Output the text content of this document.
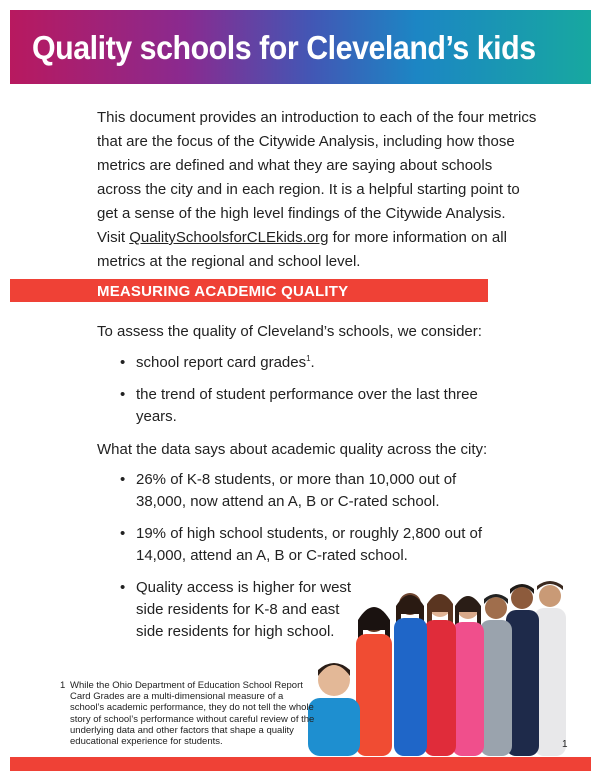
Quality schools for Cleveland’s kids
This document provides an introduction to each of the four metrics that are the focus of the Citywide Analysis, including how those metrics are defined and what they are saying about schools across the city and in each region. It is a helpful starting point to get a sense of the high level findings of the Citywide Analysis. Visit QualitySchoolsforCLEkids.org for more information on all metrics at the regional and school level.
MEASURING ACADEMIC QUALITY
To assess the quality of Cleveland’s schools, we consider:
• school report card grades$^1$.
• the trend of student performance over the last three years.
What the data says about academic quality across the city:
• 26% of K-8 students, or more than 10,000 out of 38,000, now attend an A, B or C-rated school.
• 19% of high school students, or roughly 2,800 out of 14,000, attend an A, B or C-rated school.
• Quality access is higher for west side residents for K-8 and east side residents for high school.
1 While the Ohio Department of Education School Report Card Grades are a multi-dimensional measure of a school’s academic performance, they do not tell the whole story of school’s performance without careful review of the underlying data and other factors that shape a quality educational experience for students.	1
